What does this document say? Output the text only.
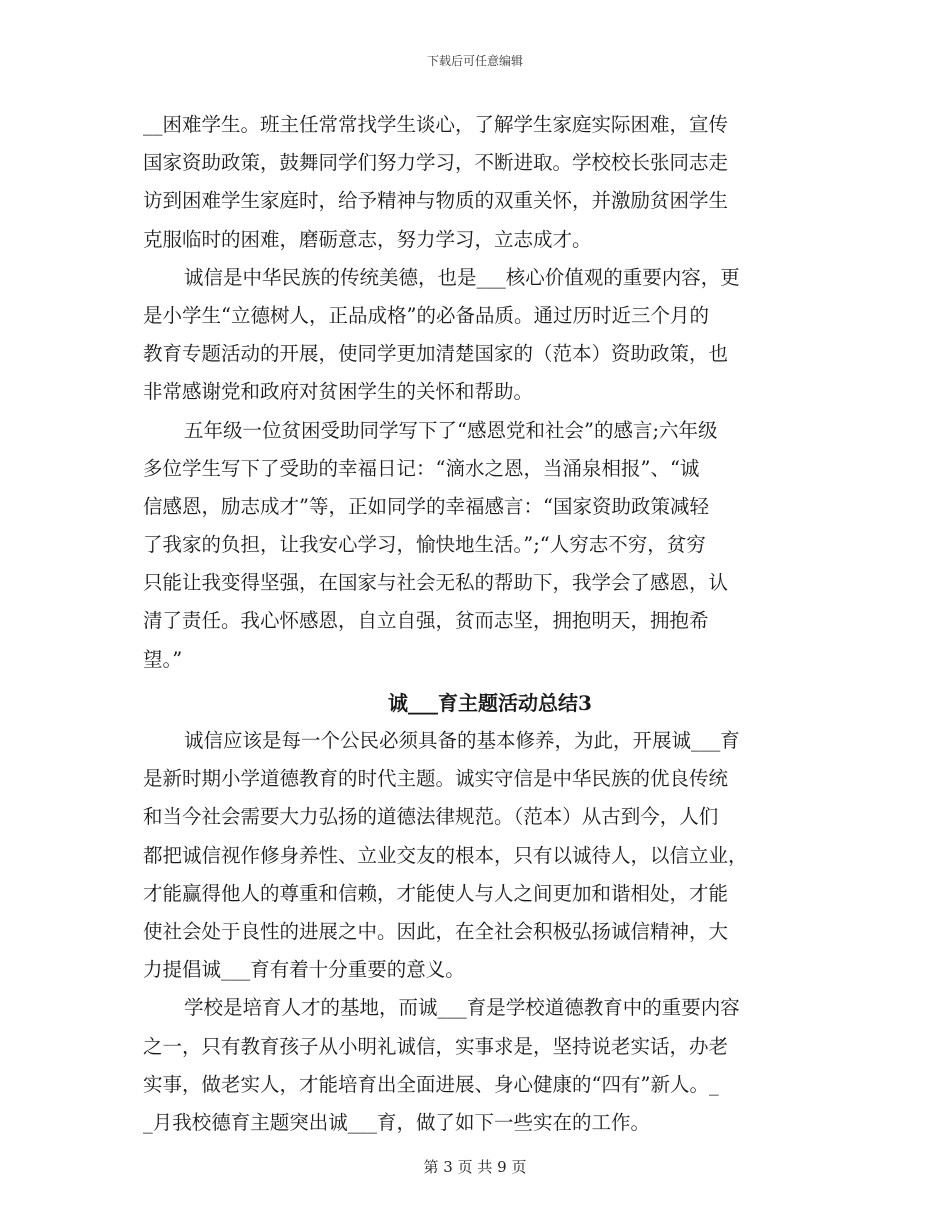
下载后可任意编辑
__困难学生。班主任常常找学生谈心，了解学生家庭实际困难，宣传
国家资助政策，鼓舞同学们努力学习，不断进取。学校校长张同志走
访到困难学生家庭时，给予精神与物质的双重关怀，并激励贫困学生
克服临时的困难，磨砺意志，努力学习，立志成才。
诚信是中华民族的传统美德，也是___核心价值观的重要内容，更
是小学生“立德树人，正品成格”的必备品质。通过历时近三个月的
教育专题活动的开展，使同学更加清楚国家的（范本）资助政策，也
非常感谢党和政府对贫困学生的关怀和帮助。
五年级一位贫困受助同学写下了“感恩党和社会”的感言;六年级
多位学生写下了受助的幸福日记：“滴水之恩，当涌泉相报”、“诚
信感恩，励志成才”等，正如同学的幸福感言：“国家资助政策减轻
了我家的负担，让我安心学习，愉快地生活。”;“人穷志不穷，贫穷
只能让我变得坚强，在国家与社会无私的帮助下，我学会了感恩，认
清了责任。我心怀感恩，自立自强，贫而志坚，拥抱明天，拥抱希
望。”
诚___育主题活动总结3
诚信应该是每一个公民必须具备的基本修养，为此，开展诚___育
是新时期小学道德教育的时代主题。诚实守信是中华民族的优良传统
和当今社会需要大力弘扬的道德法律规范。（范本）从古到今，人们
都把诚信视作修身养性、立业交友的根本，只有以诚待人，以信立业，
才能赢得他人的尊重和信赖，才能使人与人之间更加和谐相处，才能
使社会处于良性的进展之中。因此，在全社会积极弘扬诚信精神，大
力提倡诚___育有着十分重要的意义。
学校是培育人才的基地，而诚___育是学校道德教育中的重要内容
之一，只有教育孩子从小明礼诚信，实事求是，坚持说老实话，办老
实事，做老实人，才能培育出全面进展、身心健康的“四有”新人。_
_月我校德育主题突出诚___育，做了如下一些实在的工作。
第 3 页 共 9 页
